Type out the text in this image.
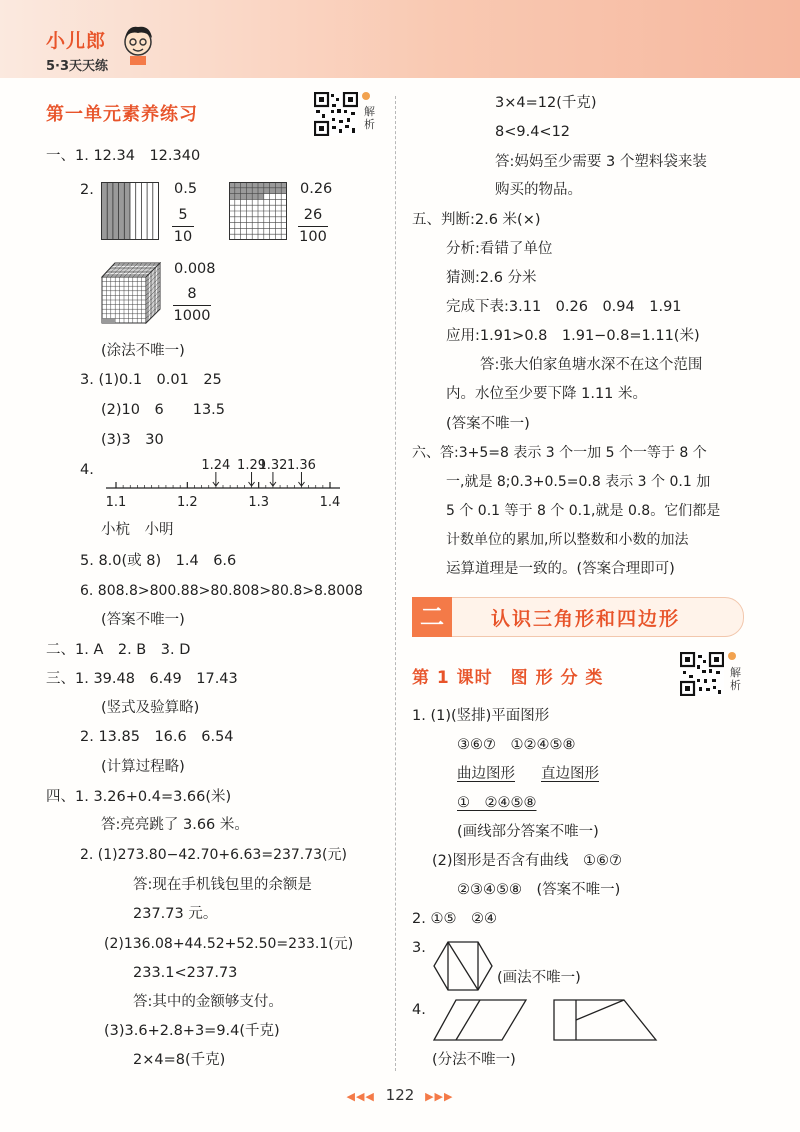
小儿郎
5·3天天练
第一单元素养练习	解析
一、1. 12.34　12.340
2.	0.5
5
10
0.26
26
100
0.008
8
1000
(涂法不唯一)
3. (1)0.1　0.01　25
(2)10　6　　13.5
(3)3　30
4.
1.1	1.2	1.3	1.4
1.24 1.29
1.32 1.36
小杭　小明
5. 8.0(或 8)　1.4　6.6
6. 808.8>800.88>80.808>80.8>8.8008
(答案不唯一)
二、1. A　2. B　3. D
三、1. 39.48　6.49　17.43
(竖式及验算略)
2. 13.85　16.6　6.54
(计算过程略)
四、1. 3.26+0.4=3.66(米)
答:亮亮跳了 3.66 米。
2. (1)273.80−42.70+6.63=237.73(元)
答:现在手机钱包里的余额是
237.73 元。
(2)136.08+44.52+52.50=233.1(元)
233.1<237.73
答:其中的金额够支付。
(3)3.6+2.8+3=9.4(千克)
2×4=8(千克)
3×4=12(千克)
8<9.4<12
答:妈妈至少需要 3 个塑料袋来装
购买的物品。
五、判断:2.6 米(×)
分析:看错了单位
猜测:2.6 分米
完成下表:3.11　0.26　0.94　1.91
应用:1.91>0.8　1.91−0.8=1.11(米)
答:张大伯家鱼塘水深不在这个范围
内。水位至少要下降 1.11 米。
(答案不唯一)
六、答:3+5=8 表示 3 个一加 5 个一等于 8 个
一,就是 8;0.3+0.5=0.8 表示 3 个 0.1 加
5 个 0.1 等于 8 个 0.1,就是 0.8。它们都是
计数单位的累加,所以整数和小数的加法
运算道理是一致的。(答案合理即可)
二	认识三角形和四边形
第 1 课时　图 形 分 类	解析
1. (1)(竖排)平面图形
③⑥⑦　①②④⑤⑧
曲边图形 直边图形
①　②④⑤⑧
(画线部分答案不唯一)
(2)图形是否含有曲线　①⑥⑦
②③④⑤⑧　(答案不唯一)
2. ①⑤　②④
3.
(画法不唯一)
4.
(分法不唯一)
◀◀◀ 122 ▶▶▶
